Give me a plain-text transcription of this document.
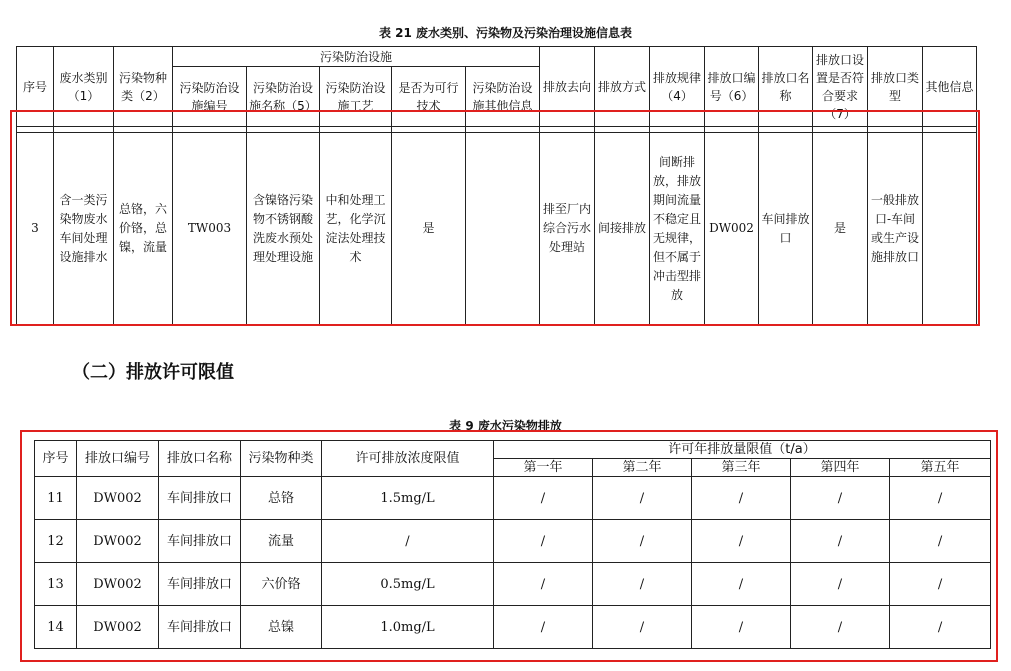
表 21 废水类别、污染物及污染治理设施信息表
序号	废水类别（1）	污染物种类（2）	污染防治设施					排放去向	排放方式	排放规律（4）	排放口编号（6）	排放口名称	排放口设置是否符合要求（7）	排放口类型	其他信息
			污染防治设施编号	污染防治设施名称（5）	污染防治设施工艺	是否为可行技术	污染防治设施其他信息								

3	含一类污染物废水车间处理设施排水	总铬，六价铬，总镍，流量	TW003	含镍铬污染物不锈钢酸洗废水预处理处理设施	中和处理工艺，化学沉淀法处理技术	是		排至厂内综合污水处理站	间接排放	间断排放，排放期间流量不稳定且无规律，但不属于冲击型排放	DW002	车间排放口	是	一般排放口-车间或生产设施排放口	
（二）排放许可限值
表 9 废水污染物排放
序号	排放口编号	排放口名称	污染物种类	许可排放浓度限值	许可年排放量限值（t/a）				
					第一年	第二年	第三年	第四年	第五年
11	DW002	车间排放口	总铬	1.5mg/L	/	/	/	/	/
12	DW002	车间排放口	流量	/	/	/	/	/	/
13	DW002	车间排放口	六价铬	0.5mg/L	/	/	/	/	/
14	DW002	车间排放口	总镍	1.0mg/L	/	/	/	/	/
